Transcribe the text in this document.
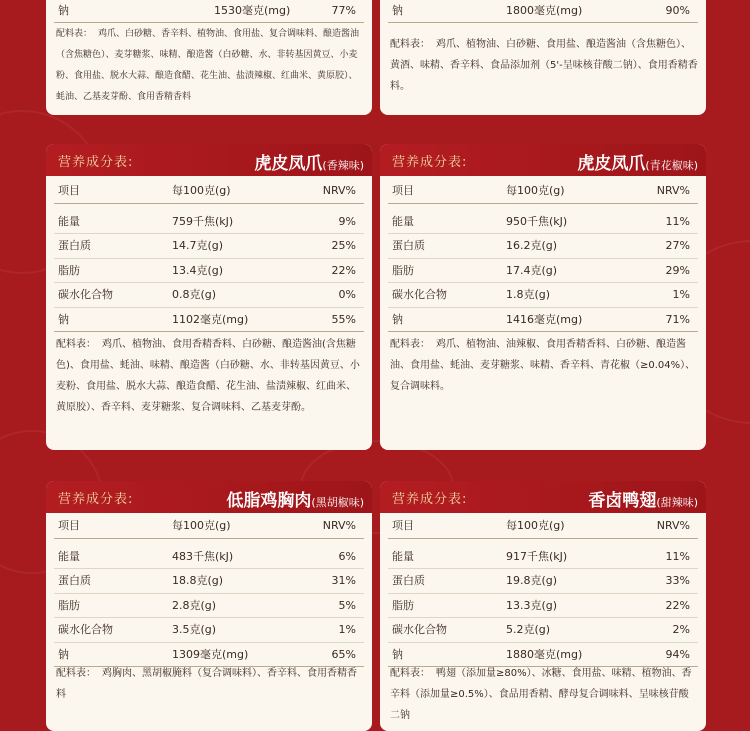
钠	1530毫克(mg)	77%
配料表： 鸡爪、白砂糖、香辛料、植物油、食用盐、复合调味料、酿造酱油（含焦糖色）、麦芽糖浆、味精、酿造酱（白砂糖、水、非转基因黄豆、小麦粉、食用盐、脱水大蒜、酿造食醋、花生油、盐渍辣椒、红曲米、黄原胶）、蚝油、乙基麦芽酚、食用香精香料
钠	1800毫克(mg)	90%
配料表： 鸡爪、植物油、白砂糖、食用盐、酿造酱油（含焦糖色）、黄酒、味精、香辛料、食品添加剂（5'-呈味核苷酸二钠）、食用香精香料。
营养成分表:	虎皮凤爪(香辣味)
项目	每100克(g)	NRV%
能量	759千焦(kJ)	9%
蛋白质	14.7克(g)	25%
脂肪	13.4克(g)	22%
碳水化合物	0.8克(g)	0%
钠	1102毫克(mg)	55%
配料表： 鸡爪、植物油、食用香精香料、白砂糖、酿造酱油(含焦糖色)、食用盐、蚝油、味精、酿造酱（白砂糖、水、非转基因黄豆、小麦粉、食用盐、脱水大蒜、酿造食醋、花生油、盐渍辣椒、红曲米、黄原胶）、香辛料、麦芽糖浆、复合调味料、乙基麦芽酚。
营养成分表:	虎皮凤爪(青花椒味)
项目	每100克(g)	NRV%
能量	950千焦(kJ)	11%
蛋白质	16.2克(g)	27%
脂肪	17.4克(g)	29%
碳水化合物	1.8克(g)	1%
钠	1416毫克(mg)	71%
配料表： 鸡爪、植物油、油辣椒、食用香精香料、白砂糖、酿造酱油、食用盐、蚝油、麦芽糖浆、味精、香辛料、青花椒（≥0.04%）、复合调味料。
营养成分表:	低脂鸡胸肉(黑胡椒味)
项目	每100克(g)	NRV%
能量	483千焦(kJ)	6%
蛋白质	18.8克(g)	31%
脂肪	2.8克(g)	5%
碳水化合物	3.5克(g)	1%
钠	1309毫克(mg)	65%
配料表： 鸡胸肉、黑胡椒腌料（复合调味料）、香辛料、食用香精香料
营养成分表:	香卤鸭翅(甜辣味)
项目	每100克(g)	NRV%
能量	917千焦(kJ)	11%
蛋白质	19.8克(g)	33%
脂肪	13.3克(g)	22%
碳水化合物	5.2克(g)	2%
钠	1880毫克(mg)	94%
配料表： 鸭翅（添加量≥80%）、冰糖、食用盐、味精、植物油、香辛料（添加量≥0.5%）、食品用香精、酵母复合调味料、呈味核苷酸二钠
